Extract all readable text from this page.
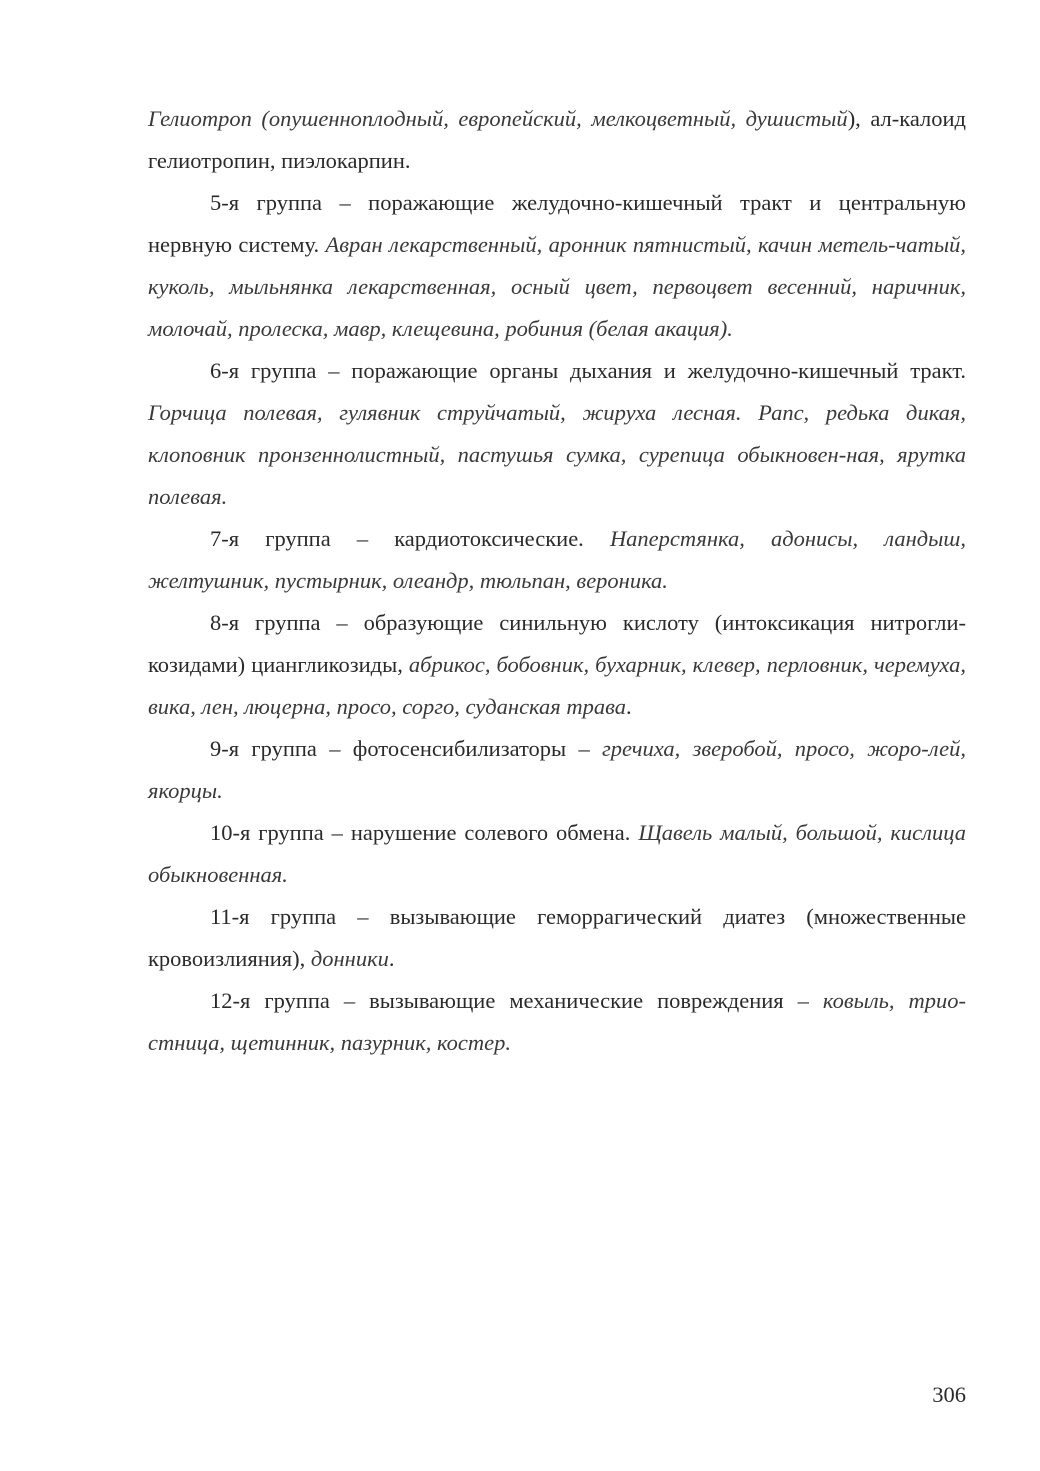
Гелиотроп (опушенноплодный, европейский, мелкоцветный, душистый), ал-калоид гелиотропин, пиэлокарпин.

5-я группа – поражающие желудочно-кишечный тракт и центральную нервную систему. Авран лекарственный, аронник пятнистый, качин метель-чатый, куколь, мыльнянка лекарственная, осный цвет, первоцвет весенний, наричник, молочай, пролеска, мавр, клещевина, робиния (белая акация).

6-я группа – поражающие органы дыхания и желудочно-кишечный тракт. Горчица полевая, гулявник струйчатый, жируха лесная. Рапс, редька дикая, клоповник пронзеннолистный, пастушья сумка, сурепица обыкновен-ная, ярутка полевая.

7-я группа – кардиотоксические. Наперстянка, адонисы, ландыш, желтушник, пустырник, олеандр, тюльпан, вероника.

8-я группа – образующие синильную кислоту (интоксикация нитрогли-козидами) циангликозиды, абрикос, бобовник, бухарник, клевер, перловник, черемуха, вика, лен, люцерна, просо, сорго, суданская трава.

9-я группа – фотосенсибилизаторы – гречиха, зверобой, просо, жоро-лей, якорцы.

10-я группа – нарушение солевого обмена. Щавель малый, большой, кислица обыкновенная.

11-я группа – вызывающие геморрагический диатез (множественные кровоизлияния), донники.

12-я группа – вызывающие механические повреждения – ковыль, трио-стница, щетинник, пазурник, костер.

306
